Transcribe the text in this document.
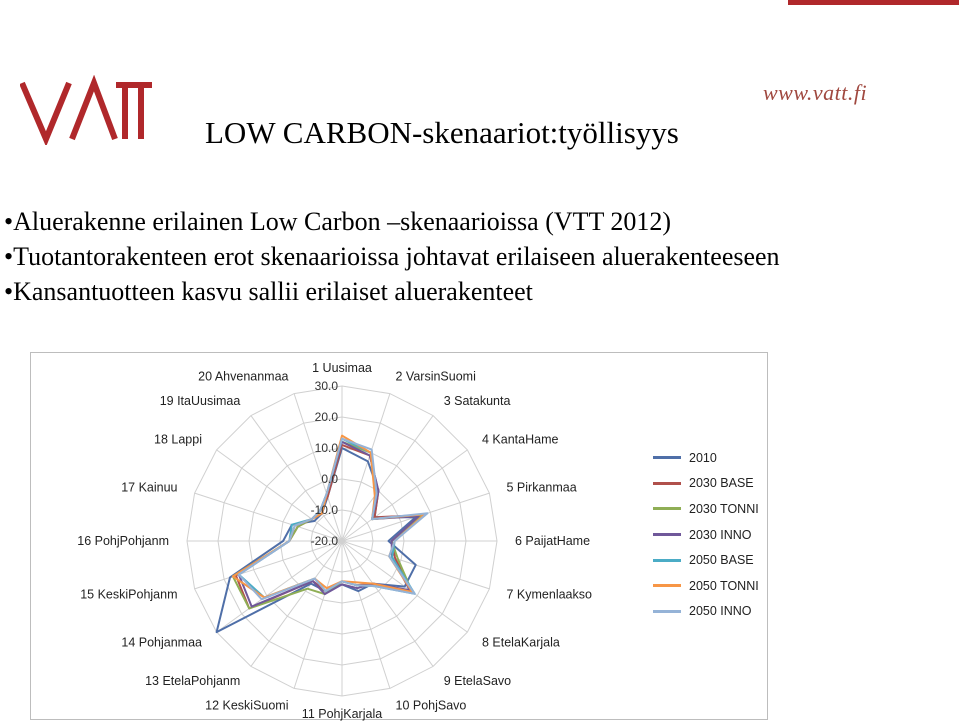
www.vatt.fi
LOW CARBON-skenaariot:työllisyys
•Aluerakenne erilainen Low Carbon –skenaarioissa (VTT 2012)
•Tuotantorakenteen erot skenaarioissa johtavat erilaiseen aluerakenteeseen
•Kansantuotteen kasvu sallii erilaiset aluerakenteet
30.0
20.0
10.0
0.0
-10.0
-20.0
1 Uusimaa
2 VarsinSuomi
3 Satakunta
4 KantaHame
5 Pirkanmaa
6 PaijatHame
7 Kymenlaakso
8 EtelaKarjala
9 EtelaSavo
10 PohjSavo
11 PohjKarjala
12 KeskiSuomi
13 EtelaPohjanm
14 Pohjanmaa
15 KeskiPohjanm
16 PohjPohjanm
17 Kainuu
18 Lappi
19 ItaUusimaa
20 Ahvenanmaa
2010
2030 BASE
2030 TONNI
2030 INNO
2050 BASE
2050 TONNI
2050 INNO
